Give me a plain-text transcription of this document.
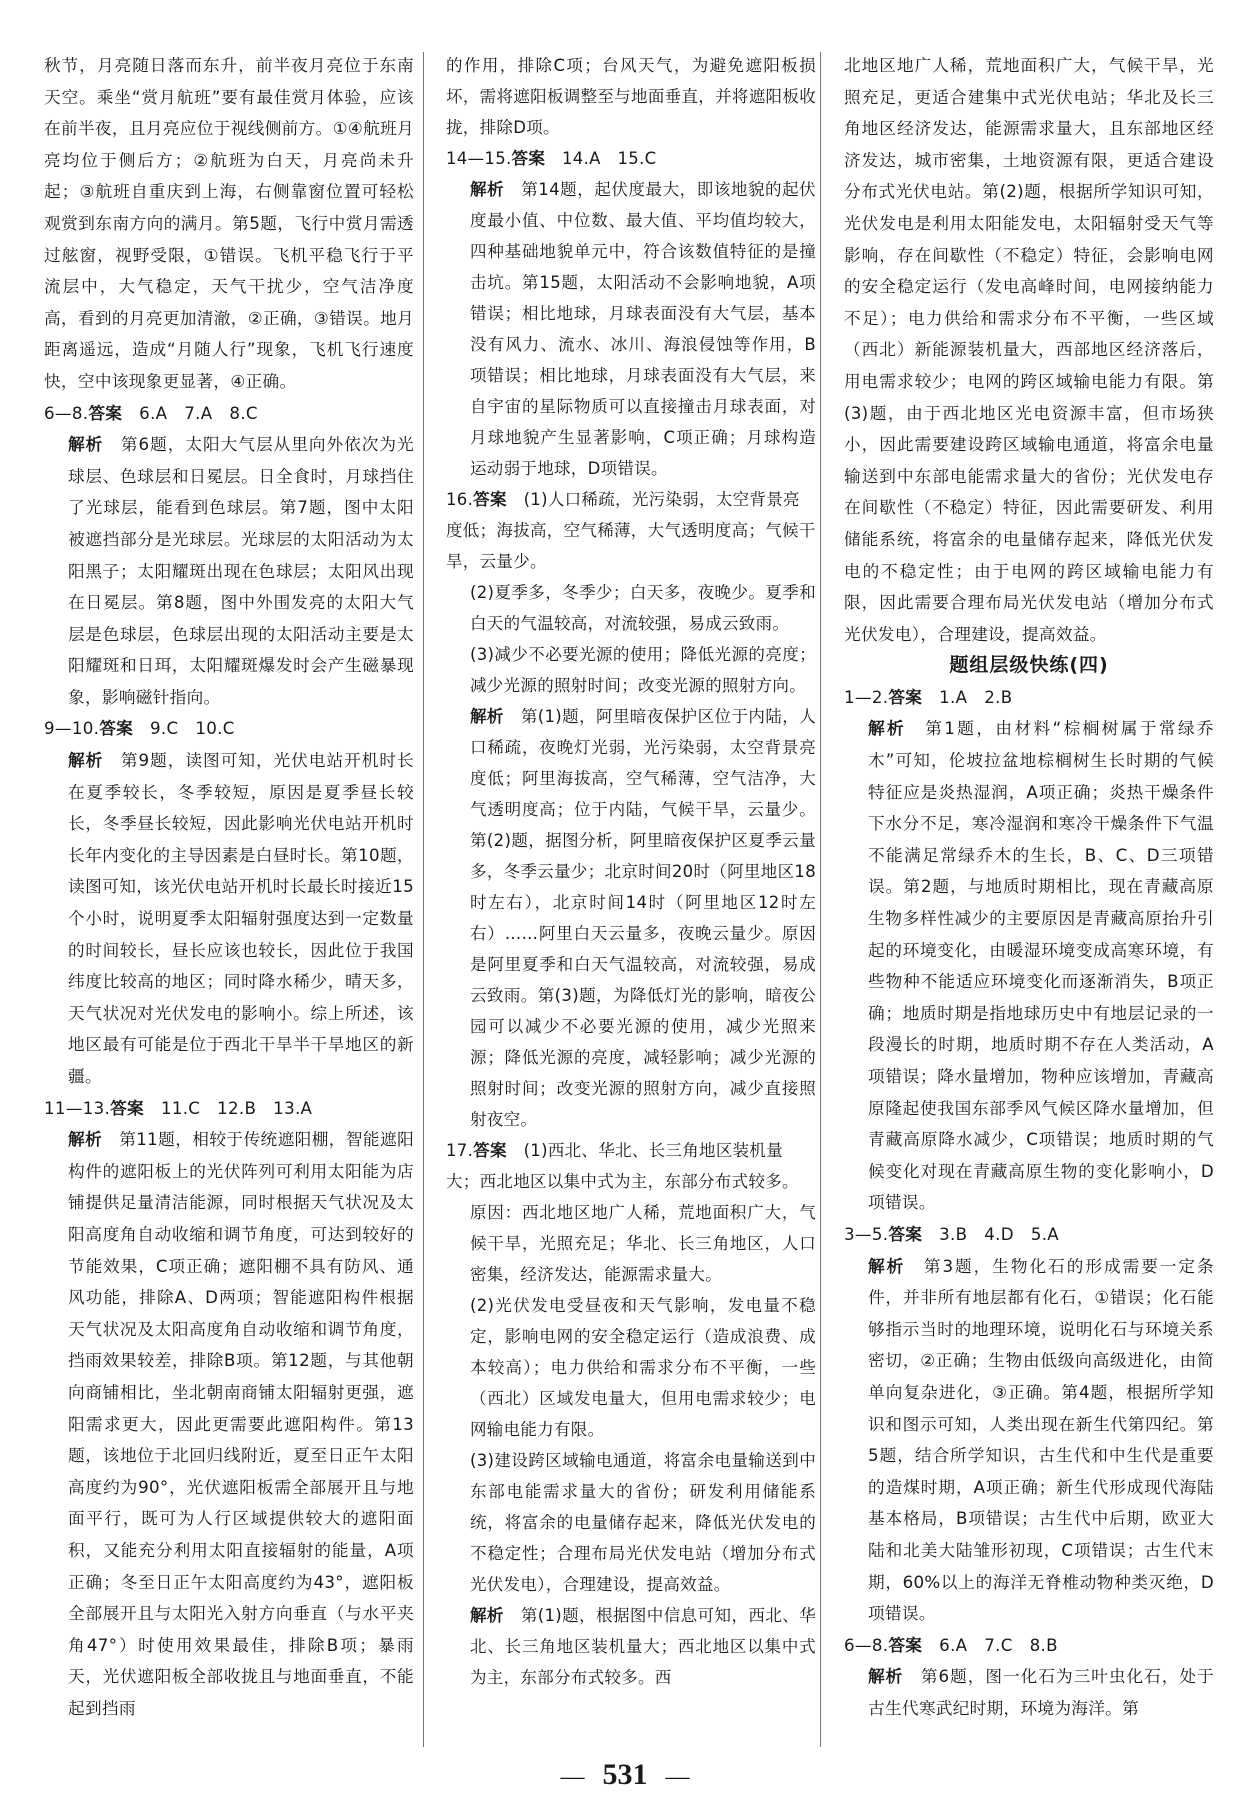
秋节，月亮随日落而东升，前半夜月亮位于东南天空。乘坐“赏月航班”要有最佳赏月体验，应该在前半夜，且月亮应位于视线侧前方。①④航班月亮均位于侧后方；②航班为白天，月亮尚未升起；③航班自重庆到上海，右侧靠窗位置可轻松观赏到东南方向的满月。第5题，飞行中赏月需透过舷窗，视野受限，①错误。飞机平稳飞行于平流层中，大气稳定，天气干扰少，空气洁净度高，看到的月亮更加清澈，②正确，③错误。地月距离遥远，造成“月随人行”现象，飞机飞行速度快，空中该现象更显著，④正确。

6—8.答案　 6.A　7.A　8.C

解析　 第6题，太阳大气层从里向外依次为光球层、色球层和日冕层。日全食时，月球挡住了光球层，能看到色球层。第7题，图中太阳被遮挡部分是光球层。光球层的太阳活动为太阳黑子；太阳耀斑出现在色球层；太阳风出现在日冕层。第8题，图中外围发亮的太阳大气层是色球层，色球层出现的太阳活动主要是太阳耀斑和日珥，太阳耀斑爆发时会产生磁暴现象，影响磁针指向。

9—10.答案　 9.C　10.C

解析　 第9题，读图可知，光伏电站开机时长在夏季较长，冬季较短，原因是夏季昼长较长，冬季昼长较短，因此影响光伏电站开机时长年内变化的主导因素是白昼时长。第10题，读图可知，该光伏电站开机时长最长时接近15个小时，说明夏季太阳辐射强度达到一定数量的时间较长，昼长应该也较长，因此位于我国纬度比较高的地区；同时降水稀少，晴天多，天气状况对光伏发电的影响小。综上所述，该地区最有可能是位于西北干旱半干旱地区的新疆。

11—13.答案　 11.C　12.B　13.A

解析　 第11题，相较于传统遮阳棚，智能遮阳构件的遮阳板上的光伏阵列可利用太阳能为店铺提供足量清洁能源，同时根据天气状况及太阳高度角自动收缩和调节角度，可达到较好的节能效果，C项正确；遮阳棚不具有防风、通风功能，排除A、D两项；智能遮阳构件根据天气状况及太阳高度角自动收缩和调节角度，挡雨效果较差，排除B项。第12题，与其他朝向商铺相比，坐北朝南商铺太阳辐射更强，遮阳需求更大，因此更需要此遮阳构件。第13题，该地位于北回归线附近，夏至日正午太阳高度约为90°，光伏遮阳板需全部展开且与地面平行，既可为人行区域提供较大的遮阳面积，又能充分利用太阳直接辐射的能量，A项正确；冬至日正午太阳高度约为43°，遮阳板全部展开且与太阳光入射方向垂直（与水平夹角47°）时使用效果最佳，排除B项；暴雨天，光伏遮阳板全部收拢且与地面垂直，不能起到挡雨

的作用，排除C项；台风天气，为避免遮阳板损坏，需将遮阳板调整至与地面垂直，并将遮阳板收拢，排除D项。

14—15.答案　 14.A　15.C

解析　 第14题，起伏度最大，即该地貌的起伏度最小值、中位数、最大值、平均值均较大，四种基础地貌单元中，符合该数值特征的是撞击坑。第15题，太阳活动不会影响地貌，A项错误；相比地球，月球表面没有大气层，基本没有风力、流水、冰川、海浪侵蚀等作用，B项错误；相比地球，月球表面没有大气层，来自宇宙的星际物质可以直接撞击月球表面，对月球地貌产生显著影响，C项正确；月球构造运动弱于地球，D项错误。

16.答案　 (1)人口稀疏，光污染弱，太空背景亮度低；海拔高，空气稀薄，大气透明度高；气候干旱，云量少。

(2)夏季多，冬季少；白天多，夜晚少。夏季和白天的气温较高，对流较强，易成云致雨。

(3)减少不必要光源的使用；降低光源的亮度；减少光源的照射时间；改变光源的照射方向。

解析　 第(1)题，阿里暗夜保护区位于内陆，人口稀疏，夜晚灯光弱，光污染弱，太空背景亮度低；阿里海拔高，空气稀薄，空气洁净，大气透明度高；位于内陆，气候干旱，云量少。第(2)题，据图分析，阿里暗夜保护区夏季云量多，冬季云量少；北京时间20时（阿里地区18时左右），北京时间14时（阿里地区12时左右）……阿里白天云量多，夜晚云量少。原因是阿里夏季和白天气温较高，对流较强，易成云致雨。第(3)题，为降低灯光的影响，暗夜公园可以减少不必要光源的使用，减少光照来源；降低光源的亮度，减轻影响；减少光源的照射时间；改变光源的照射方向，减少直接照射夜空。

17.答案　 (1)西北、华北、长三角地区装机量大；西北地区以集中式为主，东部分布式较多。

原因：西北地区地广人稀，荒地面积广大，气候干旱，光照充足；华北、长三角地区，人口密集，经济发达，能源需求量大。

(2)光伏发电受昼夜和天气影响，发电量不稳定，影响电网的安全稳定运行（造成浪费、成本较高）；电力供给和需求分布不平衡，一些（西北）区域发电量大，但用电需求较少；电网输电能力有限。

(3)建设跨区域输电通道，将富余电量输送到中东部电能需求量大的省份；研发利用储能系统，将富余的电量储存起来，降低光伏发电的不稳定性；合理布局光伏发电站（增加分布式光伏发电），合理建设，提高效益。

解析　 第(1)题，根据图中信息可知，西北、华北、长三角地区装机量大；西北地区以集中式为主，东部分布式较多。西

北地区地广人稀，荒地面积广大，气候干旱，光照充足，更适合建集中式光伏电站；华北及长三角地区经济发达，能源需求量大，且东部地区经济发达，城市密集，土地资源有限，更适合建设分布式光伏电站。第(2)题，根据所学知识可知，光伏发电是利用太阳能发电，太阳辐射受天气等影响，存在间歇性（不稳定）特征，会影响电网的安全稳定运行（发电高峰时间，电网接纳能力不足）；电力供给和需求分布不平衡，一些区域（西北）新能源装机量大，西部地区经济落后，用电需求较少；电网的跨区域输电能力有限。第(3)题，由于西北地区光电资源丰富，但市场狭小，因此需要建设跨区域输电通道，将富余电量输送到中东部电能需求量大的省份；光伏发电存在间歇性（不稳定）特征，因此需要研发、利用储能系统，将富余的电量储存起来，降低光伏发电的不稳定性；由于电网的跨区域输电能力有限，因此需要合理布局光伏发电站（增加分布式光伏发电），合理建设，提高效益。

题组层级快练(四)

1—2.答案　 1.A　2.B

解析　 第1题，由材料“棕榈树属于常绿乔木”可知，伦坡拉盆地棕榈树生长时期的气候特征应是炎热湿润，A项正确；炎热干燥条件下水分不足，寒冷湿润和寒冷干燥条件下气温不能满足常绿乔木的生长，B、C、D三项错误。第2题，与地质时期相比，现在青藏高原生物多样性减少的主要原因是青藏高原抬升引起的环境变化，由暖湿环境变成高寒环境，有些物种不能适应环境变化而逐渐消失，B项正确；地质时期是指地球历史中有地层记录的一段漫长的时期，地质时期不存在人类活动，A项错误；降水量增加，物种应该增加，青藏高原隆起使我国东部季风气候区降水量增加，但青藏高原降水减少，C项错误；地质时期的气候变化对现在青藏高原生物的变化影响小，D项错误。

3—5.答案　 3.B　4.D　5.A

解析　 第3题，生物化石的形成需要一定条件，并非所有地层都有化石，①错误；化石能够指示当时的地理环境，说明化石与环境关系密切，②正确；生物由低级向高级进化，由简单向复杂进化，③正确。第4题，根据所学知识和图示可知，人类出现在新生代第四纪。第5题，结合所学知识，古生代和中生代是重要的造煤时期，A项正确；新生代形成现代海陆基本格局，B项错误；古生代中后期，欧亚大陆和北美大陆雏形初现，C项错误；古生代末期，60%以上的海洋无脊椎动物种类灭绝，D项错误。

6—8.答案　 6.A　7.C　8.B

解析　 第6题，图一化石为三叶虫化石，处于古生代寒武纪时期，环境为海洋。第

— 531 —
